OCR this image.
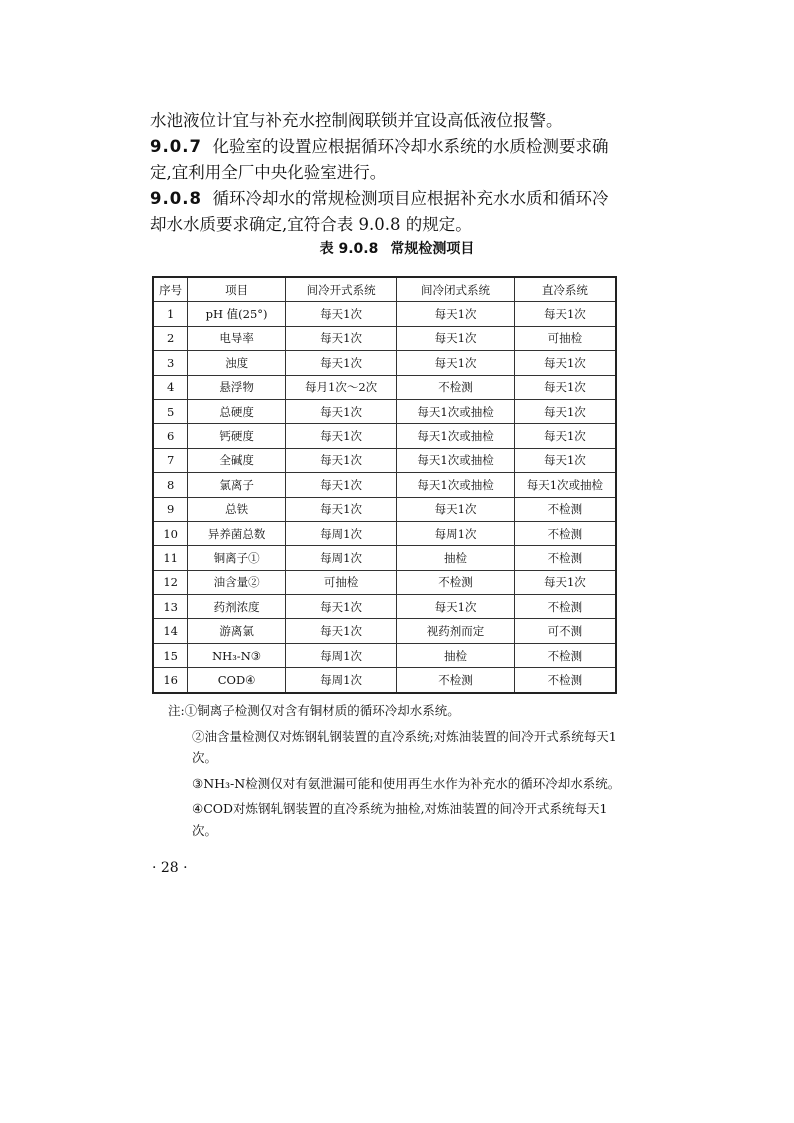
水池液位计宜与补充水控制阀联锁并宜设高低液位报警。

9.0.7 化验室的设置应根据循环冷却水系统的水质检测要求确定,宜利用全厂中央化验室进行。

9.0.8 循环冷却水的常规检测项目应根据补充水水质和循环冷却水水质要求确定,宜符合表 9.0.8 的规定。

表 9.0.8 常规检测项目
序号	项目	间冷开式系统	间冷闭式系统	直冷系统
1	pH 值(25°)	每天1次	每天1次	每天1次
2	电导率	每天1次	每天1次	可抽检
3	浊度	每天1次	每天1次	每天1次
4	悬浮物	每月1次～2次	不检测	每天1次
5	总硬度	每天1次	每天1次或抽检	每天1次
6	钙硬度	每天1次	每天1次或抽检	每天1次
7	全碱度	每天1次	每天1次或抽检	每天1次
8	氯离子	每天1次	每天1次或抽检	每天1次或抽检
9	总铁	每天1次	每天1次	不检测
10	异养菌总数	每周1次	每周1次	不检测
11	铜离子①	每周1次	抽检	不检测
12	油含量②	可抽检	不检测	每天1次
13	药剂浓度	每天1次	每天1次	不检测
14	游离氯	每天1次	视药剂而定	可不测
15	NH₃-N③	每周1次	抽检	不检测
16	COD④	每周1次	不检测	不检测

注:①铜离子检测仅对含有铜材质的循环冷却水系统。

②油含量检测仅对炼钢轧钢装置的直冷系统;对炼油装置的间冷开式系统每天1次。

③NH₃-N检测仅对有氨泄漏可能和使用再生水作为补充水的循环冷却水系统。

④COD对炼钢轧钢装置的直冷系统为抽检,对炼油装置的间冷开式系统每天1次。

· 28 ·
